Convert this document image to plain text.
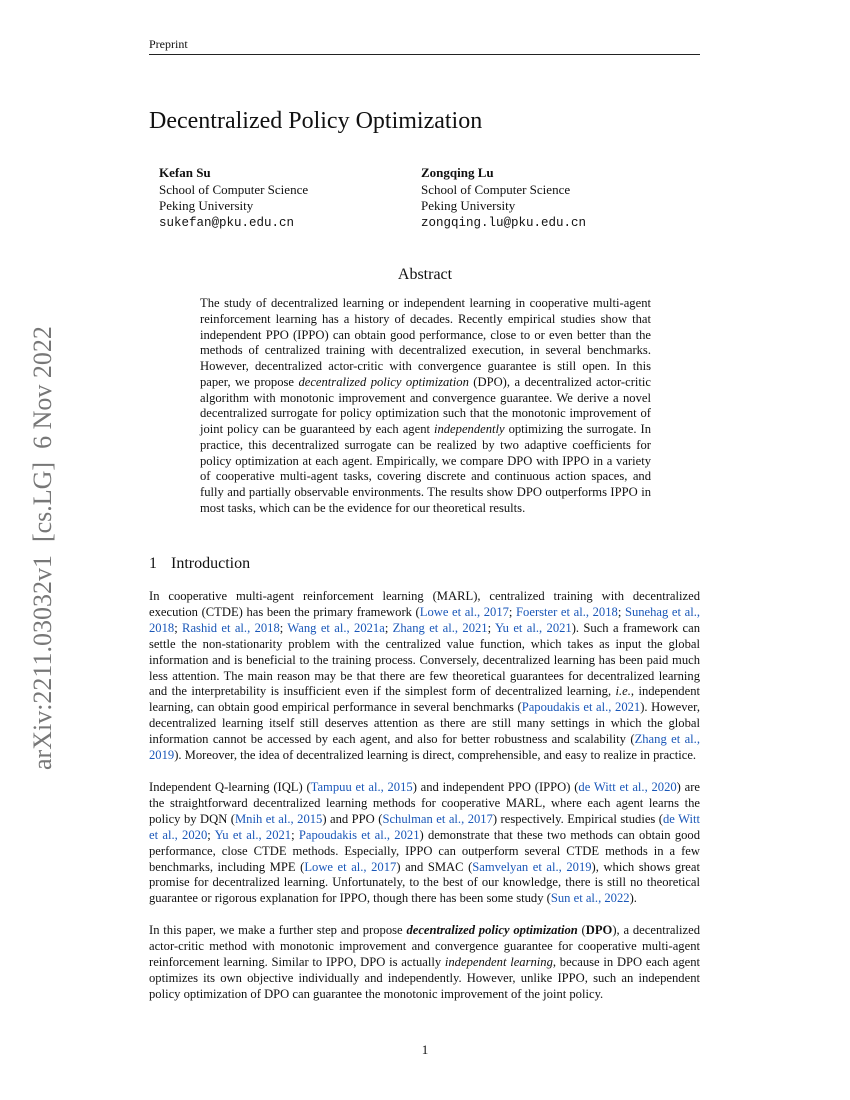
Preprint
Decentralized Policy Optimization
Kefan Su
School of Computer Science
Peking University
sukefan@pku.edu.cn
Zongqing Lu
School of Computer Science
Peking University
zongqing.lu@pku.edu.cn
Abstract

The study of decentralized learning or independent learning in cooperative multi-agent reinforcement learning has a history of decades. Recently empirical studies show that independent PPO (IPPO) can obtain good performance, close to or even better than the methods of centralized training with decentralized execution, in several benchmarks. However, decentralized actor-critic with convergence guarantee is still open. In this paper, we propose decentralized policy optimization (DPO), a decentralized actor-critic algorithm with monotonic improvement and convergence guarantee. We derive a novel decentralized surrogate for policy optimization such that the monotonic improvement of joint policy can be guaranteed by each agent independently optimizing the surrogate. In practice, this decentralized surrogate can be realized by two adaptive coefficients for policy optimization at each agent. Empirically, we compare DPO with IPPO in a variety of cooperative multi-agent tasks, covering discrete and continuous action spaces, and fully and partially observable environments. The results show DPO outperforms IPPO in most tasks, which can be the evidence for our theoretical results.

arXiv:2211.03032v1  [cs.LG]  6 Nov 2022	1 Introduction

In cooperative multi-agent reinforcement learning (MARL), centralized training with decentralized execution (CTDE) has been the primary framework (Lowe et al., 2017; Foerster et al., 2018; Sunehag et al., 2018; Rashid et al., 2018; Wang et al., 2021a; Zhang et al., 2021; Yu et al., 2021). Such a framework can settle the non-stationarity problem with the centralized value function, which takes as input the global information and is beneficial to the training process. Conversely, decentralized learning has been paid much less attention. The main reason may be that there are few theoretical guarantees for decentralized learning and the interpretability is insufficient even if the simplest form of decentralized learning, i.e., independent learning, can obtain good empirical performance in several benchmarks (Papoudakis et al., 2021). However, decentralized learning itself still deserves attention as there are still many settings in which the global information cannot be accessed by each agent, and also for better robustness and scalability (Zhang et al., 2019). Moreover, the idea of decentralized learning is direct, comprehensible, and easy to realize in practice.

Independent Q-learning (IQL) (Tampuu et al., 2015) and independent PPO (IPPO) (de Witt et al., 2020) are the straightforward decentralized learning methods for cooperative MARL, where each agent learns the policy by DQN (Mnih et al., 2015) and PPO (Schulman et al., 2017) respectively. Empirical studies (de Witt et al., 2020; Yu et al., 2021; Papoudakis et al., 2021) demonstrate that these two methods can obtain good performance, close CTDE methods. Especially, IPPO can outperform several CTDE methods in a few benchmarks, including MPE (Lowe et al., 2017) and SMAC (Samvelyan et al., 2019), which shows great promise for decentralized learning. Unfortunately, to the best of our knowledge, there is still no theoretical guarantee or rigorous explanation for IPPO, though there has been some study (Sun et al., 2022).

In this paper, we make a further step and propose decentralized policy optimization (DPO), a decentralized actor-critic method with monotonic improvement and convergence guarantee for cooperative multi-agent reinforcement learning. Similar to IPPO, DPO is actually independent learning, because in DPO each agent optimizes its own objective individually and independently. However, unlike IPPO, such an independent policy optimization of DPO can guarantee the monotonic improvement of the joint policy.

1
